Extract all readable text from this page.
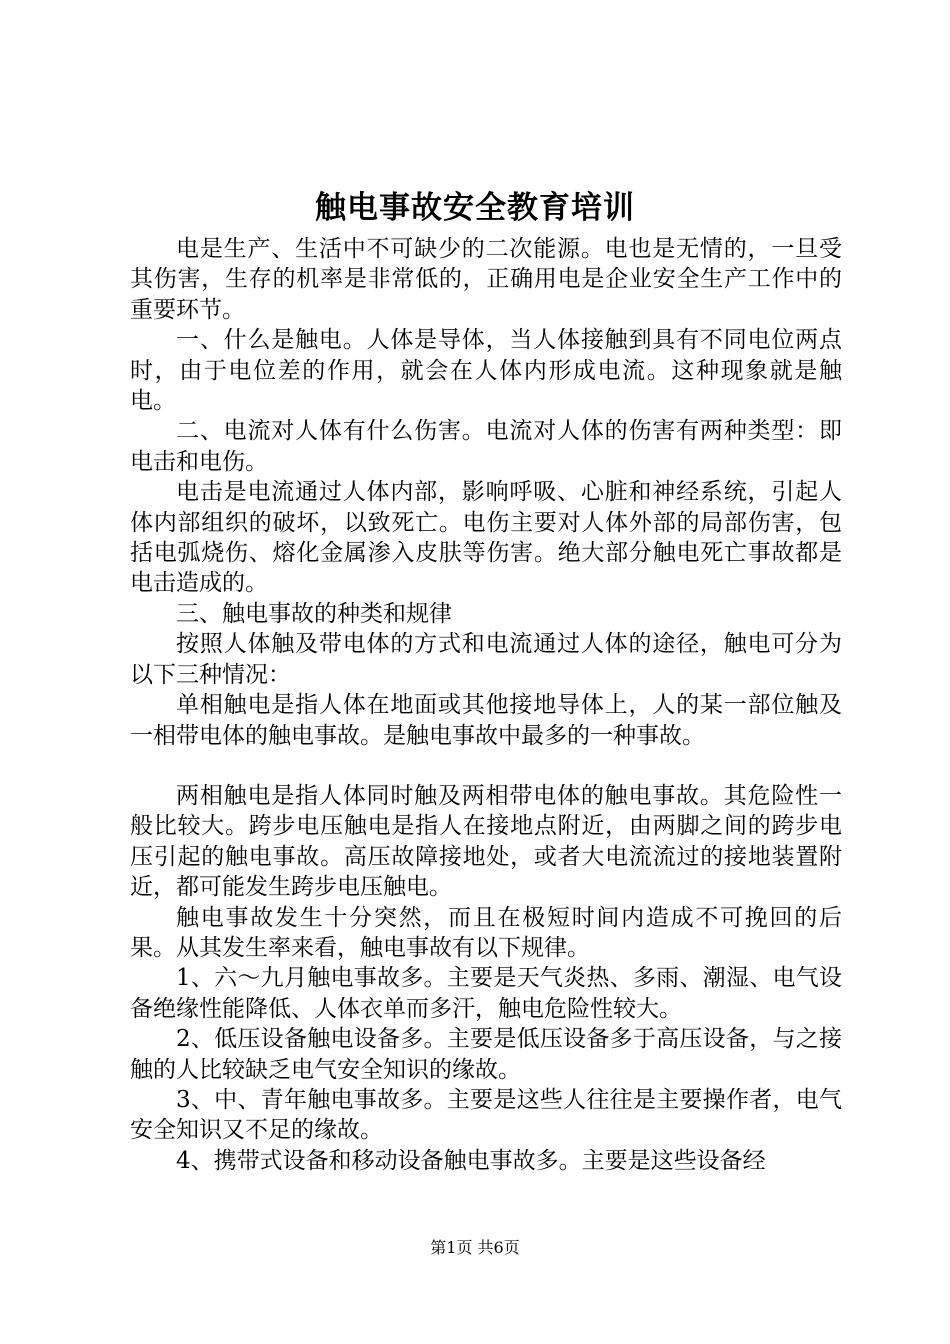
触电事故安全教育培训

电是生产、生活中不可缺少的二次能源。电也是无情的，一旦受其伤害，生存的机率是非常低的，正确用电是企业安全生产工作中的重要环节。

一、什么是触电。人体是导体，当人体接触到具有不同电位两点时，由于电位差的作用，就会在人体内形成电流。这种现象就是触电。

二、电流对人体有什么伤害。电流对人体的伤害有两种类型：即电击和电伤。

电击是电流通过人体内部，影响呼吸、心脏和神经系统，引起人体内部组织的破坏，以致死亡。电伤主要对人体外部的局部伤害，包括电弧烧伤、熔化金属渗入皮肤等伤害。绝大部分触电死亡事故都是电击造成的。

三、触电事故的种类和规律

按照人体触及带电体的方式和电流通过人体的途径，触电可分为以下三种情况：

单相触电是指人体在地面或其他接地导体上，人的某一部位触及一相带电体的触电事故。是触电事故中最多的一种事故。

两相触电是指人体同时触及两相带电体的触电事故。其危险性一般比较大。跨步电压触电是指人在接地点附近，由两脚之间的跨步电压引起的触电事故。高压故障接地处，或者大电流流过的接地装置附近，都可能发生跨步电压触电。

触电事故发生十分突然，而且在极短时间内造成不可挽回的后果。从其发生率来看，触电事故有以下规律。

1、六～九月触电事故多。主要是天气炎热、多雨、潮湿、电气设备绝缘性能降低、人体衣单而多汗，触电危险性较大。

2、低压设备触电设备多。主要是低压设备多于高压设备，与之接触的人比较缺乏电气安全知识的缘故。

3、中、青年触电事故多。主要是这些人往往是主要操作者，电气安全知识又不足的缘故。

4、携带式设备和移动设备触电事故多。主要是这些设备经

第1页 共6页
